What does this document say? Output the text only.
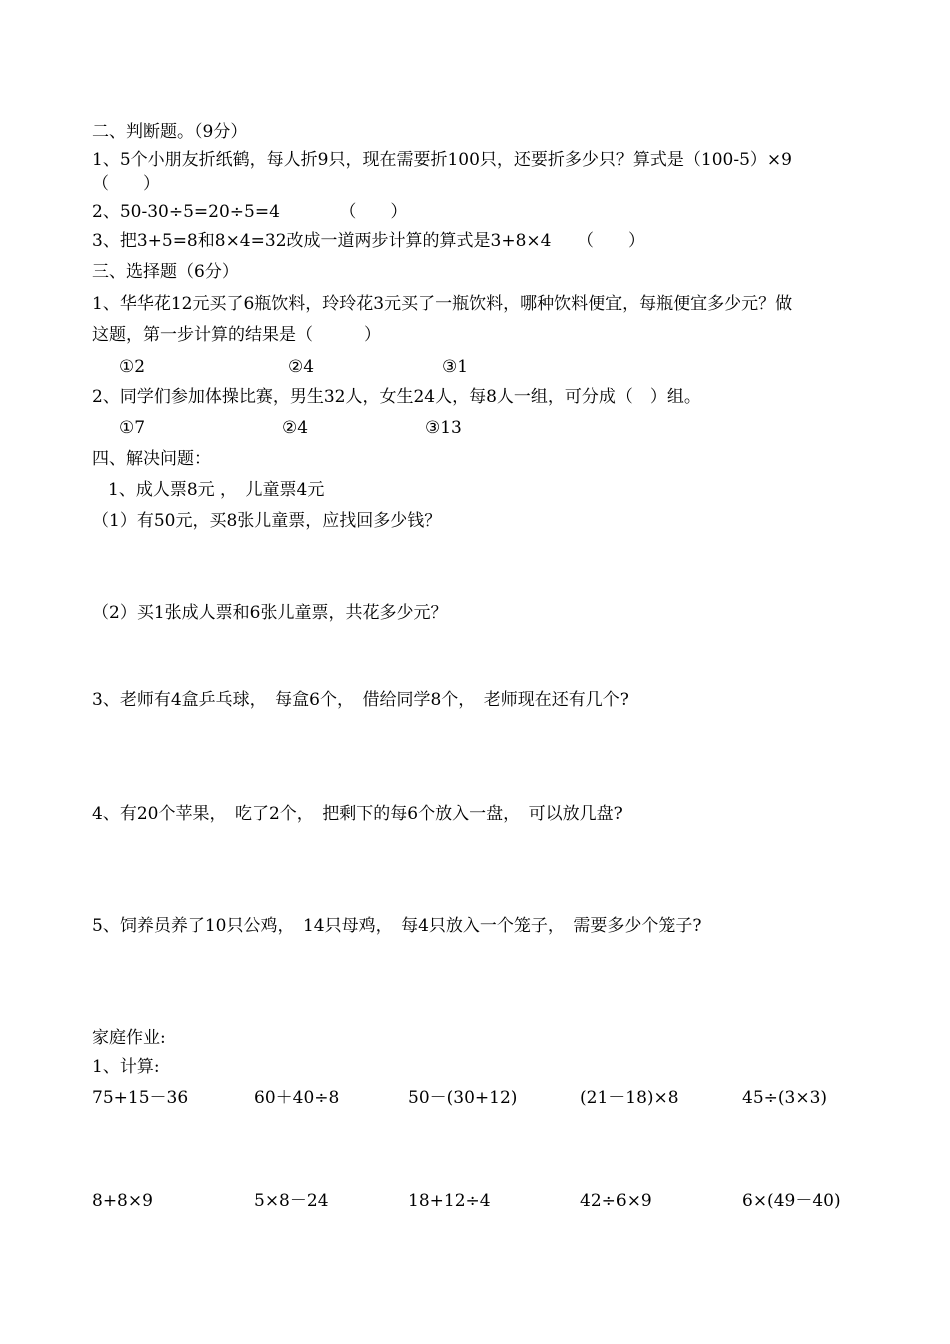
二、判断题。（9分）

1、5个小朋友折纸鹤，每人折9只，现在需要折100只，还要折多少只？算式是（100-5）×9

（　　）

2、50-30÷5=20÷5=4　　　　（　　）

3、把3+5=8和8×4=32改成一道两步计算的算式是3+8×4　　（　　）

三、选择题（6分）

1、华华花12元买了6瓶饮料，玲玲花3元买了一瓶饮料，哪种饮料便宜，每瓶便宜多少元？做

这题，第一步计算的结果是（　　　）

①2	②4	③1

2、同学们参加体操比赛，男生32人，女生24人，每8人一组，可分成（　）组。

①7	②4	③13

四、解决问题：

1、成人票8元 ，　儿童票4元

（1）有50元，买8张儿童票，应找回多少钱？

（2）买1张成人票和6张儿童票，共花多少元？

3、老师有4盒乒乓球，　每盒6个，　借给同学8个，　老师现在还有几个?

4、有20个苹果，　吃了2个，　把剩下的每6个放入一盘，　可以放几盘?

5、饲养员养了10只公鸡，　14只母鸡，　每4只放入一个笼子，　需要多少个笼子?

家庭作业:

1、计算:

75+15－36	60＋40÷8	50－(30+12)	(21－18)×8	45÷(3×3)
8+8×9	5×8－24	18+12÷4	42÷6×9	6×(49－40)
